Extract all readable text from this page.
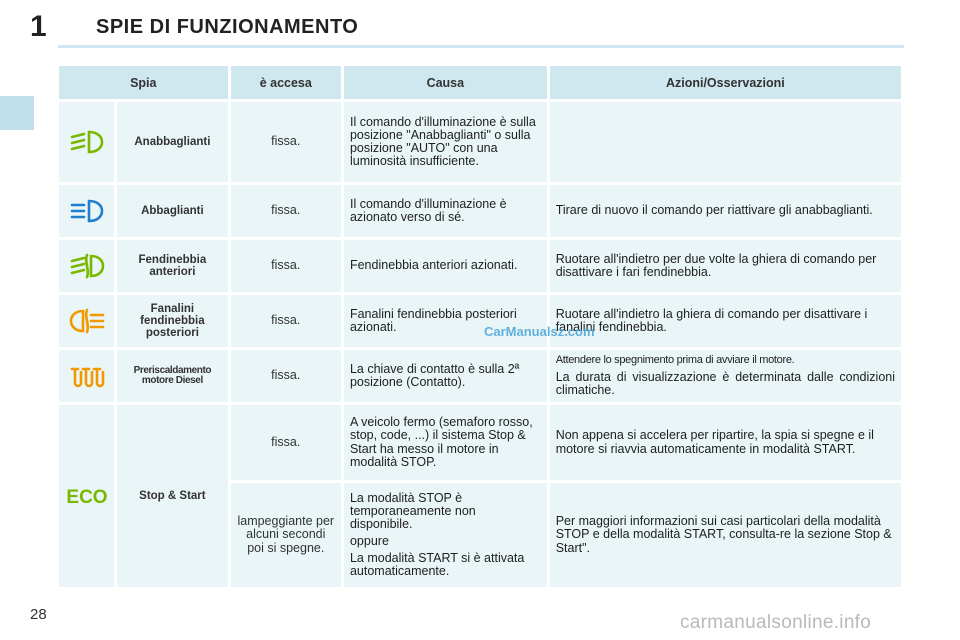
1 SPIE DI FUNZIONAMENTO
Spia		è accesa	Causa	Azioni/Osservazioni
	Anabbaglianti	fissa.	Il comando d'illuminazione è sulla posizione "Anabbaglianti" o sulla posizione "AUTO" con una luminosità insufficiente.	

	Abbaglianti	fissa.	Il comando d'illuminazione è azionato verso di sé.	Tirare di nuovo il comando per riattivare gli anabbaglianti.

	Fendinebbia anteriori	fissa.	Fendinebbia anteriori azionati.	Ruotare all'indietro per due volte la ghiera di comando per disattivare i fari fendinebbia.

	Fanalini fendinebbia posteriori	fissa.	Fanalini fendinebbia posteriori azionati.	Ruotare all'indietro la ghiera di comando per disattivare i fanalini fendinebbia.

	Preriscaldamento motore Diesel	fissa.	La chiave di contatto è sulla 2ª posizione (Contatto).	Attendere lo spegnimento prima di avviare il motore.

La durata di visualizzazione è determinata dalle condizioni climatiche.

ECO	Stop & Start	fissa.	A veicolo fermo (semaforo rosso, stop, code, ...) il sistema Stop & Start ha messo il motore in modalità STOP.	Non appena si accelera per ripartire, la spia si spegne e il motore si riavvia automaticamente in modalità START.

		lampeggiante per alcuni secondi poi si spegne.	La modalità STOP è temporaneamente non disponibile.

oppure

La modalità START si è attivata automaticamente.	Per maggiori informazioni sui casi particolari della modalità STOP e della modalità START, consulta-re la sezione Stop & Start".

CarManualsz.com
28	carmanualsonline.info
